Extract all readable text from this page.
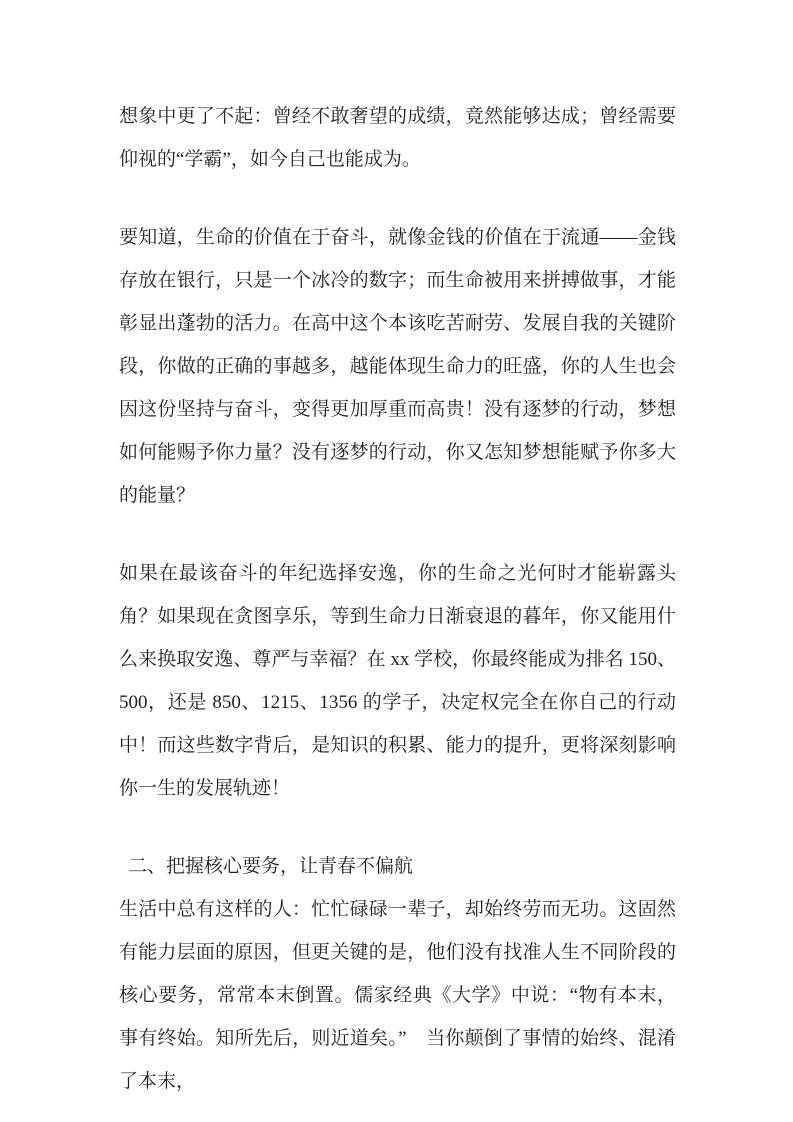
想象中更了不起：曾经不敢奢望的成绩，竟然能够达成；曾经需要仰视的“学霸”，如今自己也能成为。

要知道，生命的价值在于奋斗，就像金钱的价值在于流通——金钱存放在银行，只是一个冰冷的数字；而生命被用来拼搏做事，才能彰显出蓬勃的活力。在高中这个本该吃苦耐劳、发展自我的关键阶段，你做的正确的事越多，越能体现生命力的旺盛，你的人生也会因这份坚持与奋斗，变得更加厚重而高贵！没有逐梦的行动，梦想如何能赐予你力量？没有逐梦的行动，你又怎知梦想能赋予你多大的能量？

如果在最该奋斗的年纪选择安逸，你的生命之光何时才能崭露头角？如果现在贪图享乐，等到生命力日渐衰退的暮年，你又能用什么来换取安逸、尊严与幸福？在 xx 学校，你最终能成为排名 150、500，还是 850、1215、1356 的学子，决定权完全在你自己的行动中！而这些数字背后，是知识的积累、能力的提升，更将深刻影响你一生的发展轨迹！

二、把握核心要务，让青春不偏航

生活中总有这样的人：忙忙碌碌一辈子，却始终劳而无功。这固然有能力层面的原因，但更关键的是，他们没有找准人生不同阶段的核心要务，常常本末倒置。儒家经典《大学》中说：“物有本末，事有终始。知所先后，则近道矣。”　当你颠倒了事情的始终、混淆了本末，
